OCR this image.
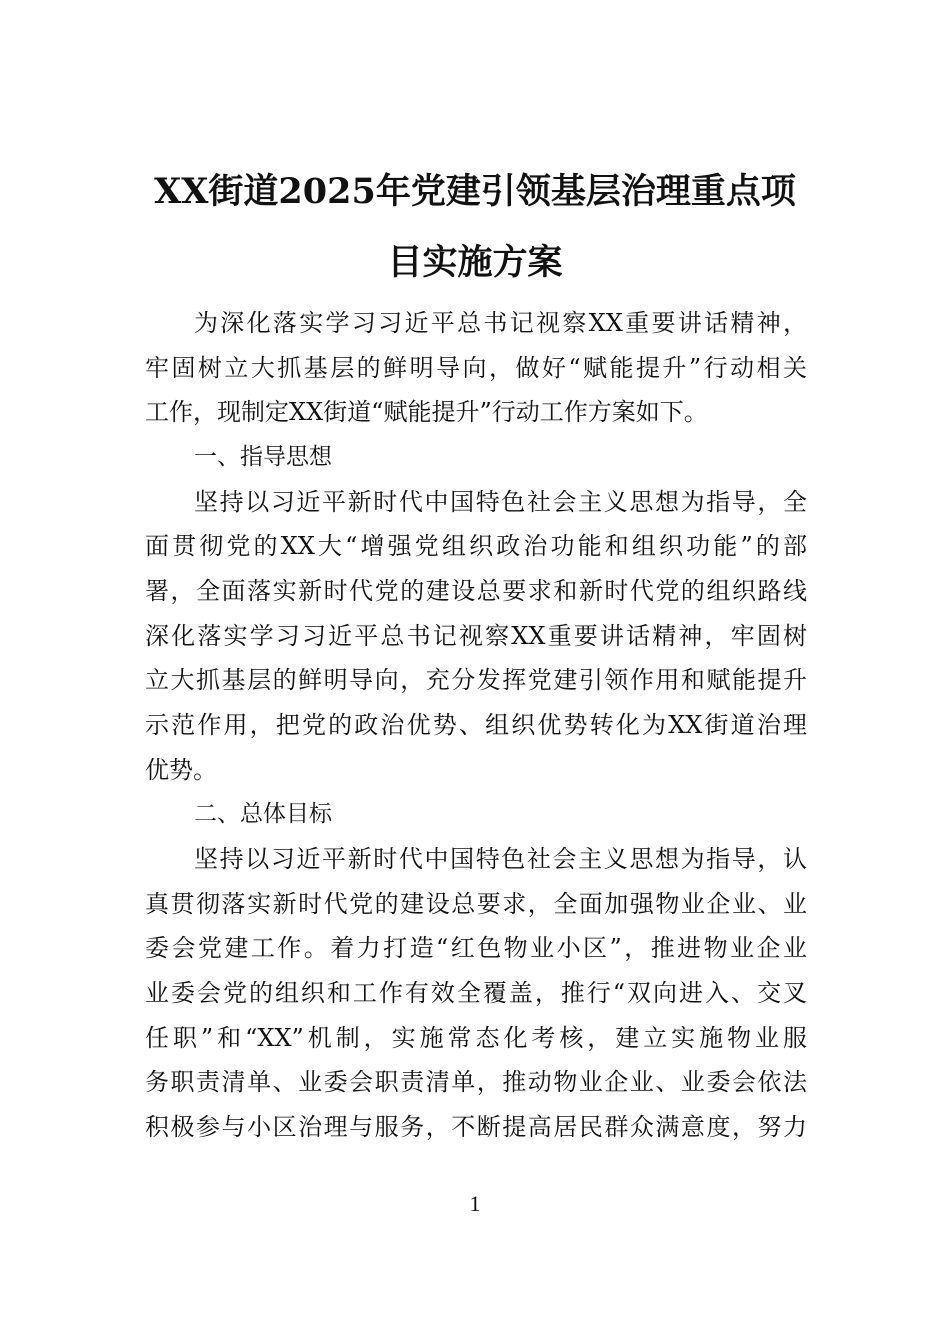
XX街道2025年党建引领基层治理重点项
目实施方案
为深化落实学习习近平总书记视察XX重要讲话精神，
牢固树立大抓基层的鲜明导向，做好“赋能提升”行动相关
工作，现制定XX街道“赋能提升”行动工作方案如下。
一、指导思想
坚持以习近平新时代中国特色社会主义思想为指导，全
面贯彻党的XX大“增强党组织政治功能和组织功能”的部
署，全面落实新时代党的建设总要求和新时代党的组织路线
深化落实学习习近平总书记视察XX重要讲话精神，牢固树
立大抓基层的鲜明导向，充分发挥党建引领作用和赋能提升
示范作用，把党的政治优势、组织优势转化为XX街道治理
优势。
二、总体目标
坚持以习近平新时代中国特色社会主义思想为指导，认
真贯彻落实新时代党的建设总要求，全面加强物业企业、业
委会党建工作。着力打造“红色物业小区”，推进物业企业
业委会党的组织和工作有效全覆盖，推行“双向进入、交叉
任职”和“XX”机制，实施常态化考核，建立实施物业服
务职责清单、业委会职责清单，推动物业企业、业委会依法
积极参与小区治理与服务，不断提高居民群众满意度，努力
1
